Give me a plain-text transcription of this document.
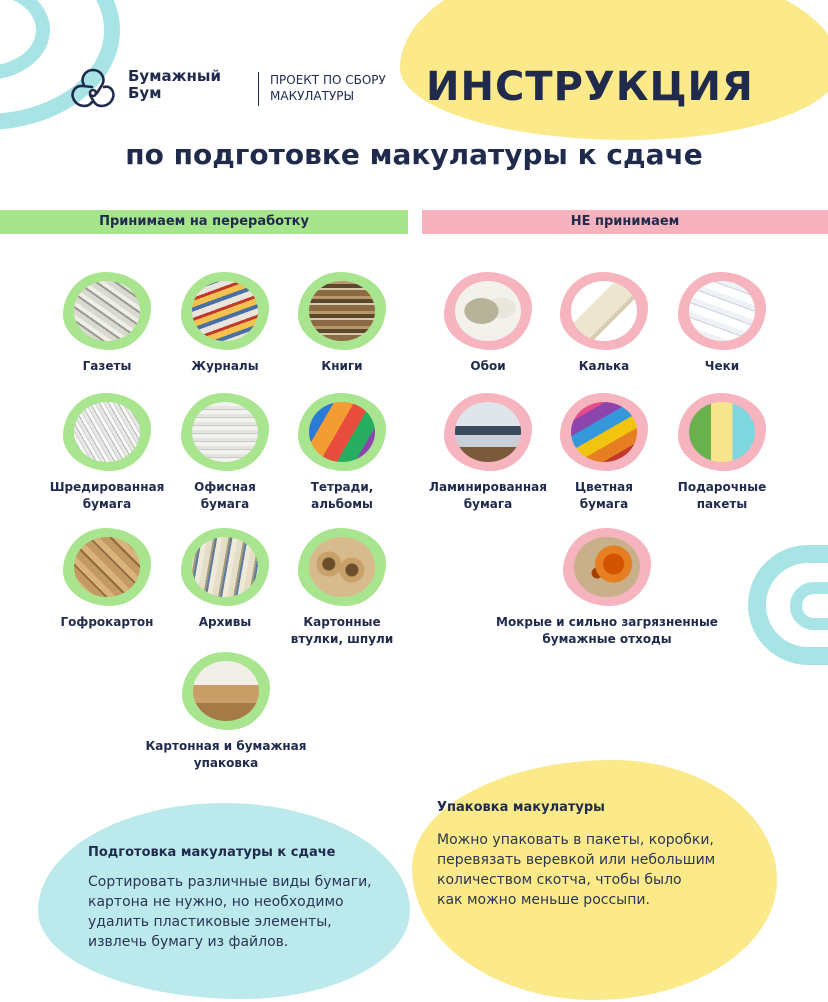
Бумажный
Бум
ПРОЕКТ ПО СБОРУ
МАКУЛАТУРЫ	ИНСТРУКЦИЯ
по подготовке макулатуры к сдаче
Принимаем на переработку	НЕ принимаем
Газеты	Журналы	Книги
Шредированная
бумага
Офисная
бумага
Тетради,
альбомы
Гофрокартон	Архивы	Картонные
втулки, шпули
Картонная и бумажная
упаковка
Обои	Калька	Чеки
Ламинированная
бумага
Цветная
бумага
Подарочные
пакеты
Мокрые и сильно загрязненные
бумажные отходы
Упаковка макулатуры
Можно упаковать в пакеты, коробки,
перевязать веревкой или небольшим
количеством скотча, чтобы было
как можно меньше россыпи.
Подготовка макулатуры к сдаче
Сортировать различные виды бумаги,
картона не нужно, но необходимо
удалить пластиковые элементы,
извлечь бумагу из файлов.
